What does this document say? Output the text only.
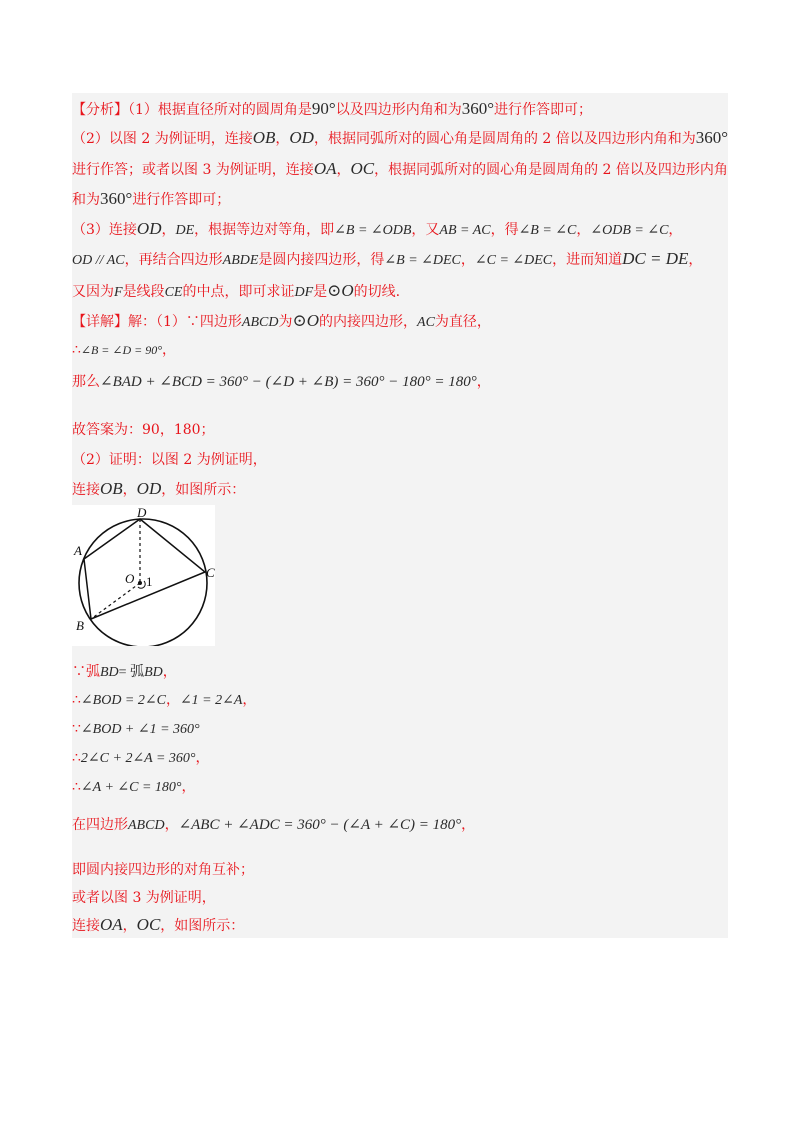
【分析】（1）根据直径所对的圆周角是90°以及四边形内角和为360°进行作答即可；
（2）以图 2 为例证明，连接OB，OD，根据同弧所对的圆心角是圆周角的 2 倍以及四边形内角和为360°
进行作答；或者以图 3 为例证明，连接OA，OC，根据同弧所对的圆心角是圆周角的 2 倍以及四边形内角
和为360°进行作答即可；
（3）连接OD，DE，根据等边对等角，即∠B = ∠ODB，又AB = AC，得∠B = ∠C，∠ODB = ∠C，
OD // AC，再结合四边形ABDE是圆内接四边形，得∠B = ∠DEC，∠C = ∠DEC，进而知道DC = DE，
又因为F是线段CE的中点，即可求证DF是⊙O的切线.
【详解】解：（1）∵四边形ABCD为⊙O的内接四边形，AC为直径，
∴∠B = ∠D = 90°，
那么∠BAD + ∠BCD = 360° − (∠D + ∠B) = 360° − 180° = 180°，
故答案为：90，180；
（2）证明：以图 2 为例证明，
连接OB，OD，如图所示：
D
A
O 1
C
B
∵弧BD= 弧BD，
∴∠BOD = 2∠C，∠1 = 2∠A，
∵∠BOD + ∠1 = 360°
∴2∠C + 2∠A = 360°，
∴∠A + ∠C = 180°，
在四边形ABCD，∠ABC + ∠ADC = 360° − (∠A + ∠C) = 180°，
即圆内接四边形的对角互补；
或者以图 3 为例证明，
连接OA，OC，如图所示：
